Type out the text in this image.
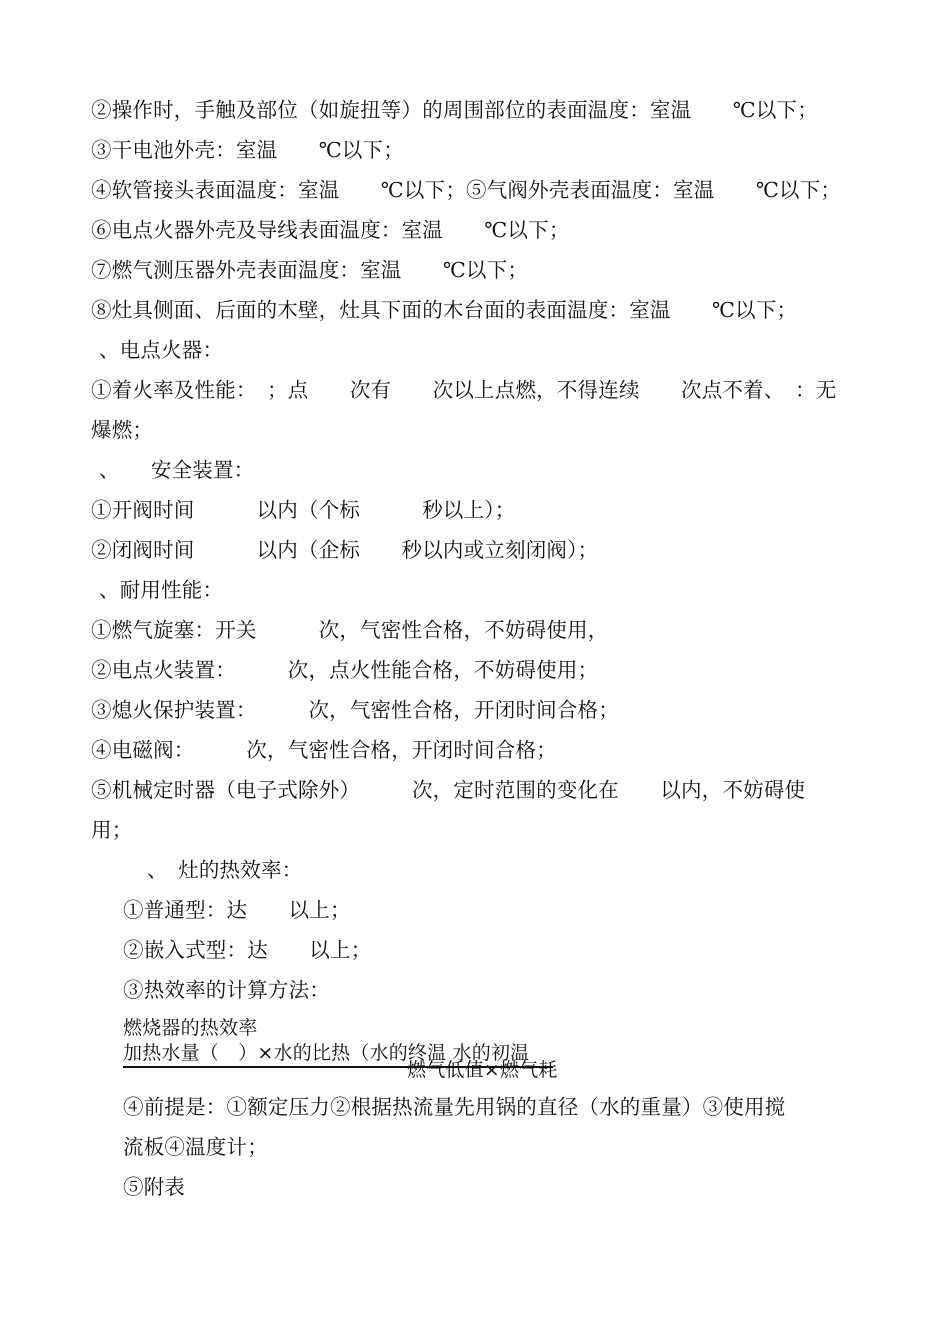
②操作时，手触及部位（如旋扭等）的周围部位的表面温度：室温　　℃以下；
③干电池外壳：室温　　℃以下；
④软管接头表面温度：室温　　℃以下；⑤气阀外壳表面温度：室温　　℃以下；
⑥电点火器外壳及导线表面温度：室温　　℃以下；
⑦燃气测压器外壳表面温度：室温　　℃以下；
⑧灶具侧面、后面的木壁，灶具下面的木台面的表面温度：室温　　℃以下；
、电点火器：
①着火率及性能：　；点　　次有　　次以上点燃，不得连续　　次点不着、　：无
爆燃；
、　　安全装置：
①开阀时间　　　以内（个标　　　秒以上）；
②闭阀时间　　　以内（企标　　秒以内或立刻闭阀）；
、耐用性能：
①燃气旋塞：开关　　　次，气密性合格，不妨碍使用，
②电点火装置：　　　次，点火性能合格，不妨碍使用；
③熄火保护装置：　　　次，气密性合格，开闭时间合格；
④电磁阀：　　　次，气密性合格，开闭时间合格；
⑤机械定时器（电子式除外）　　　次，定时范围的变化在　　以内，不妨碍使
用；
、　灶的热效率：
①普通型：达　　以上；
②嵌入式型：达　　以上；
③热效率的计算方法：
燃烧器的热效率
加热水量（　）×水的比热（水的终温 水的初温
燃气低值×燃气耗
④前提是：①额定压力②根据热流量先用锅的直径（水的重量）③使用搅
流板④温度计；
⑤附表
